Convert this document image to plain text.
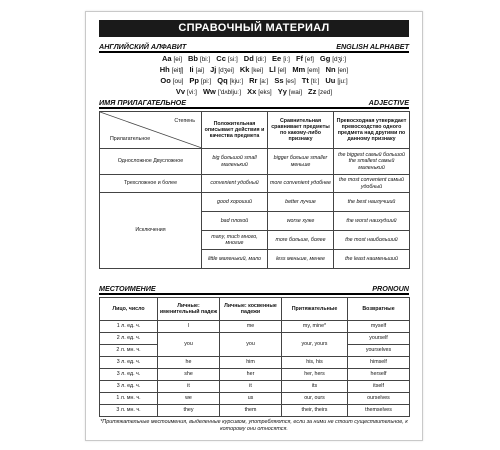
СПРАВОЧНЫЙ МАТЕРИАЛ
АНГЛИЙСКИЙ АЛФАВИТ	ENGLISH ALPHABET
Aa [ei] Bb [bi:] Cc [si:] Dd [di:] Ee [i:] Ff [ef] Gg [dʒi:]
Hh [eitʃ] Ii [ai] Jj [dʒei] Kk [kei] Ll [el] Mm [em] Nn [en]
Oo [ou] Pp [pi:] Qq [kju:] Rr [a:] Ss [es] Tt [ti:] Uu [ju:]
Vv [vi:] Ww ['dʌbljuː] Xx [eks] Yy [wai] Zz [zed]
ИМЯ ПРИЛАГАТЕЛЬНОЕ	ADJECTIVE
Степень
Прилагательное	Положительная описывает действия и качества предмета	Сравнительная сравнивает предметы по какому-либо признаку	Превосходная утверждает превосходство одного предмета над другими по данному признаку
Односложное Двусложное	big большой small маленький	bigger больше smaller меньше	the biggest самый большой the smallest самый маленький
Трехсложное и более	convenient удобный	more convenient удобнее	the most convenient самый удобный
Исключения	good хороший	better лучше	the best наилучший
	bad плохой	worse хуже	the worst наихудший
	many, much много, многие	more больше, более	the most наибольший
	little маленький, мало	less меньше, менее	the least наименьший
МЕСТОИМЕНИЕ	PRONOUN
Лицо, число	Личные: именительный падеж	Личные: косвенные падежи	Притяжательные	Возвратные
1 л. ед. ч.	I	me	my, mine*	myself
2 л. ед. ч.	you	you	your, yours	yourself
2 л. мн. ч.				yourselves
3 л. ед. ч.	he	him	his, his	himself
3 л. ед. ч.	she	her	her, hers	herself
3 л. ед. ч.	it	it	its	itself
1 л. мн. ч.	we	us	our, ours	ourselves
3 л. мн. ч.	they	them	their, theirs	themselves
*Притяжательные местоимения, выделенные курсивом, употребляются, если за ними не стоит существительное, к которому они относятся.
